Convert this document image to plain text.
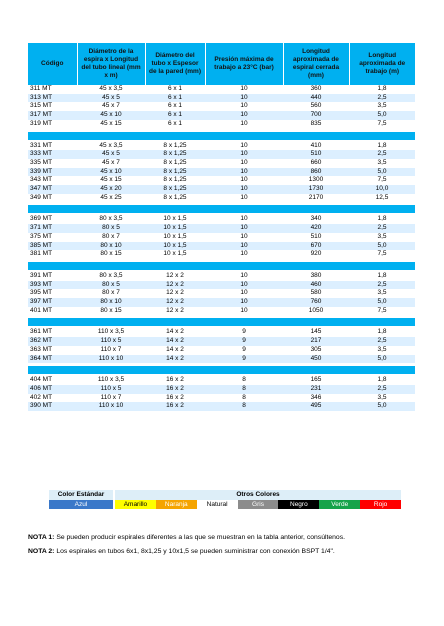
Código	Diámetro de la espira x Longitud del tubo lineal (mm x m)	Diámetro del tubo x Espesor de la pared (mm)	Presión máxima de trabajo a 23°C (bar)	Longitud aproximada de espiral cerrada (mm)	Longitud aproximada de trabajo (m)
311 MT	45 x 3,5	6 x 1	10	360	1,8
313 MT	45 x 5	6 x 1	10	440	2,5
315 MT	45 x 7	6 x 1	10	560	3,5
317 MT	45 x 10	6 x 1	10	700	5,0
319 MT	45 x 15	6 x 1	10	835	7,5

331 MT	45 x 3,5	8 x 1,25	10	410	1,8
333 MT	45 x 5	8 x 1,25	10	510	2,5
335 MT	45 x 7	8 x 1,25	10	660	3,5
339 MT	45 x 10	8 x 1,25	10	860	5,0
343 MT	45 x 15	8 x 1,25	10	1300	7,5
347 MT	45 x 20	8 x 1,25	10	1730	10,0
349 MT	45 x 25	8 x 1,25	10	2170	12,5

369 MT	80 x 3,5	10 x 1,5	10	340	1,8
371 MT	80 x 5	10 x 1,5	10	420	2,5
375 MT	80 x 7	10 x 1,5	10	510	3,5
385 MT	80 x 10	10 x 1,5	10	670	5,0
381 MT	80 x 15	10 x 1,5	10	920	7,5

391 MT	80 x 3,5	12 x 2	10	380	1,8
393 MT	80 x 5	12 x 2	10	460	2,5
395 MT	80 x 7	12 x 2	10	580	3,5
397 MT	80 x 10	12 x 2	10	760	5,0
401 MT	80 x 15	12 x 2	10	1050	7,5

361 MT	110 x 3,5	14 x 2	9	145	1,8
362 MT	110 x 5	14 x 2	9	217	2,5
363 MT	110 x 7	14 x 2	9	305	3,5
364 MT	110 x 10	14 x 2	9	450	5,0

404 MT	110 x 3,5	16 x 2	8	165	1,8
406 MT	110 x 5	16 x 2	8	231	2,5
402 MT	110 x 7	16 x 2	8	346	3,5
390 MT	110 x 10	16 x 2	8	495	5,0
Color Estándar
Azul
Otros Colores
Amarillo	Naranja	Natural	Gris	Negro	Verde	Rojo
NOTA 1: Se pueden producir espirales diferentes a las que se muestran en la tabla anterior, consúltenos.
NOTA 2: Los espirales en tubos 6x1, 8x1,25 y 10x1,5 se pueden suministrar con conexión BSPT 1/4".
